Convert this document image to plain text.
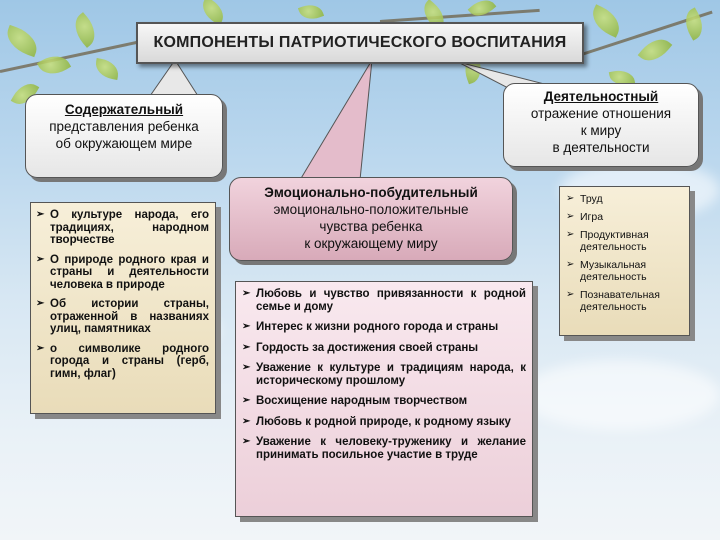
КОМПОНЕНТЫ ПАТРИОТИЧЕСКОГО ВОСПИТАНИЯ
Содержательный
представления ребенка
об окружающем мире
Деятельностный
отражение отношения
к миру
в деятельности
Эмоционально-побудительный
эмоционально-положительные
чувства ребенка
к окружающему миру
➢ О культуре народа, его традициях, народном творчестве
➢ О природе родного края и страны и деятельности человека в природе
➢ Об истории страны, отраженной в названиях улиц, памятниках
➢ о символике родного города и страны (герб, гимн, флаг)
➢ Любовь и чувство привязанности к родной семье и дому
➢ Интерес к жизни родного города и страны
➢ Гордость за достижения своей страны
➢ Уважение к культуре и традициям народа, к историческому прошлому
➢ Восхищение народным творчеством
➢ Любовь к родной природе, к родному языку
➢ Уважение к человеку-труженику и желание принимать посильное участие в труде
➢ Труд
➢ Игра
➢ Продуктивная деятельность
➢ Музыкальная деятельность
➢ Познавательная деятельность
